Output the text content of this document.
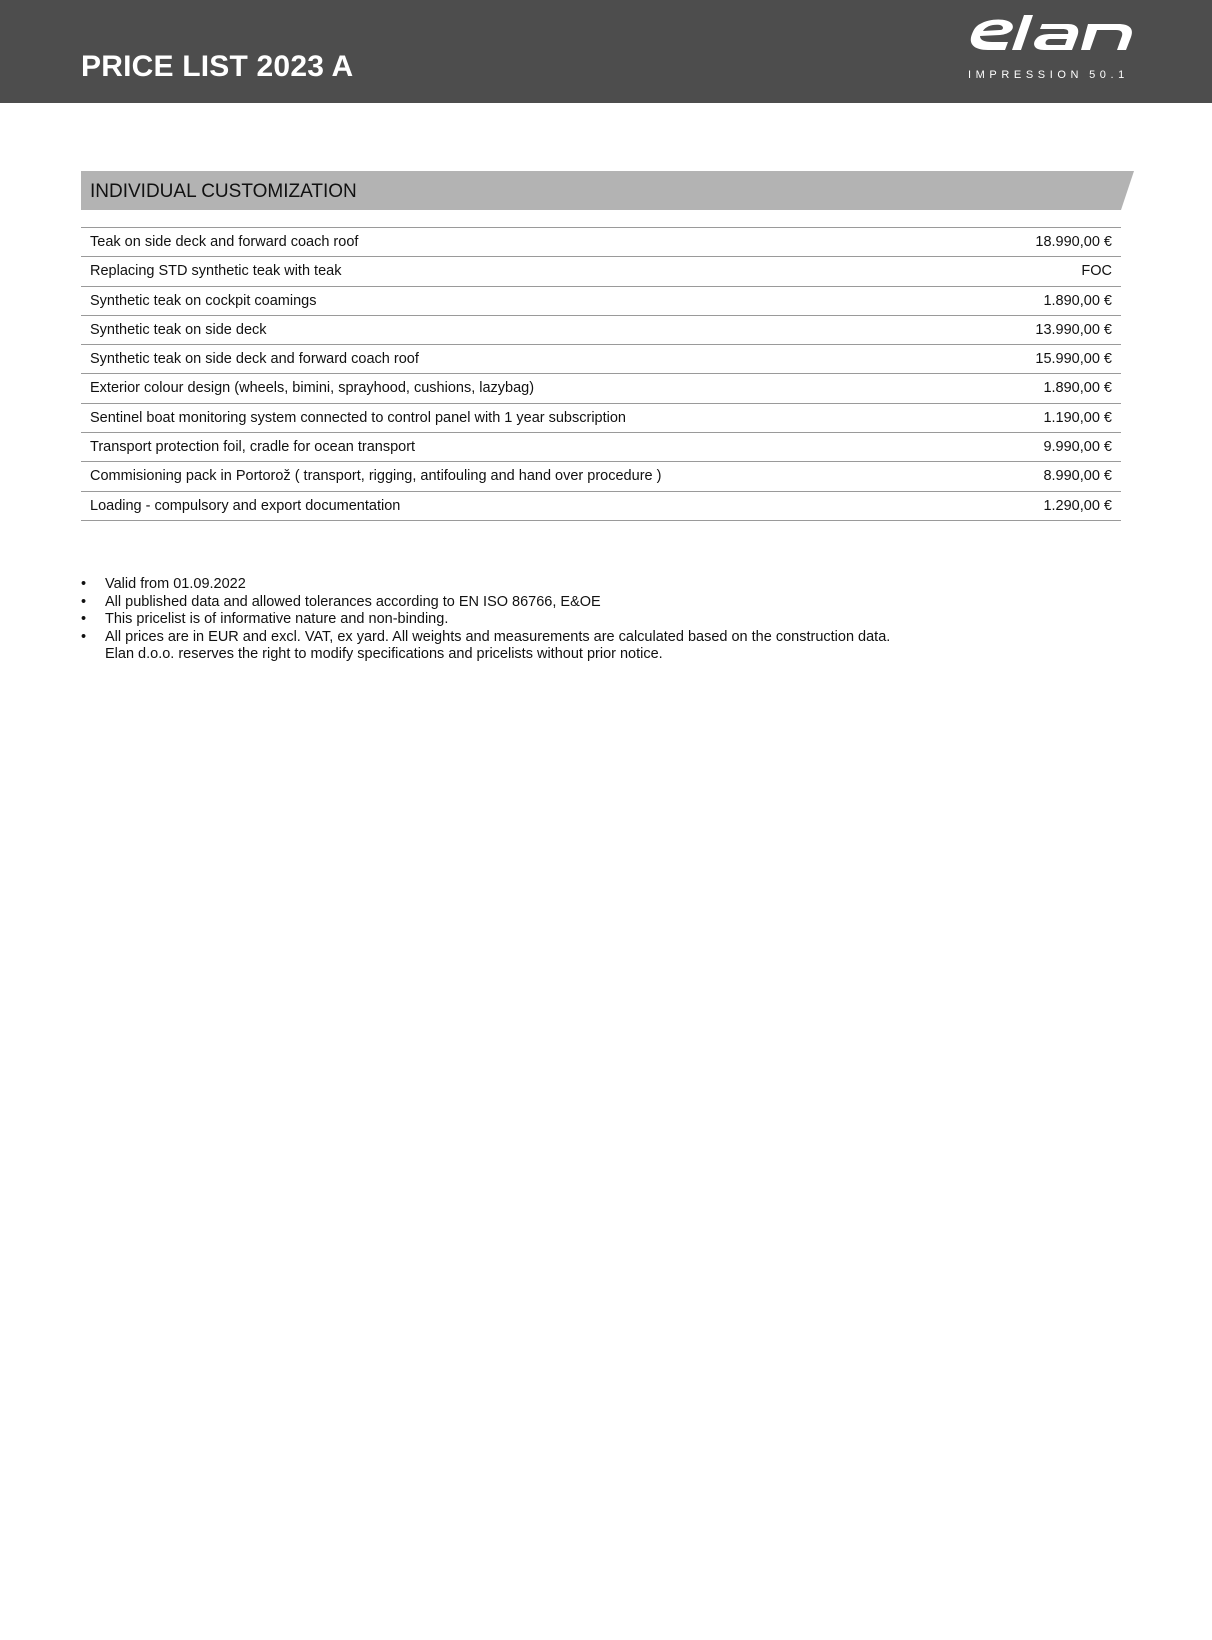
PRICE LIST 2023 A	IMPRESSION 50.1
INDIVIDUAL CUSTOMIZATION
Teak on side deck and forward coach roof	18.990,00 €
Replacing STD synthetic teak with teak	FOC
Synthetic teak on cockpit coamings	1.890,00 €
Synthetic teak on side deck	13.990,00 €
Synthetic teak on side deck and forward coach roof	15.990,00 €
Exterior colour design (wheels, bimini, sprayhood, cushions, lazybag)	1.890,00 €
Sentinel boat monitoring system connected to control panel with 1 year subscription	1.190,00 €
Transport protection foil, cradle for ocean transport	9.990,00 €
Commisioning pack in Portorož ( transport, rigging, antifouling and hand over procedure )	8.990,00 €
Loading - compulsory and export documentation	1.290,00 €
• Valid from 01.09.2022
• All published data and allowed tolerances according to EN ISO 86766, E&OE
• This pricelist is of informative nature and non-binding.
• All prices are in EUR and excl. VAT, ex yard. All weights and measurements are calculated based on the construction data.
Elan d.o.o. reserves the right to modify specifications and pricelists without prior notice.
